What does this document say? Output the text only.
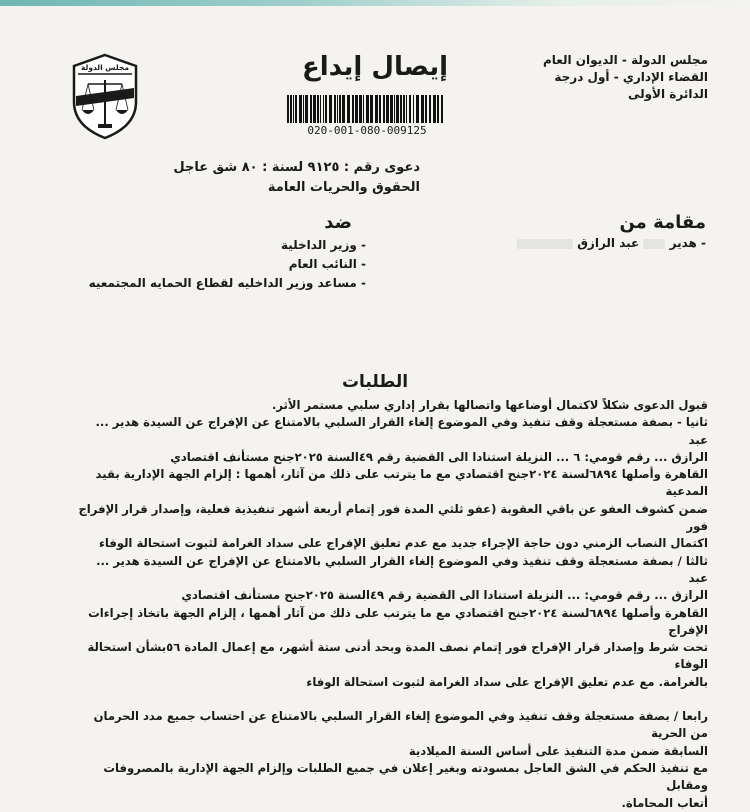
مجلس الدولة	إيصال إيداع
020-001-080-009125
مجلس الدولة - الديوان العام
القضاء الإداري - أول درجة
الدائرة الأولى
دعوى رقم : ٩١٢٥ لسنة : ٨٠ شق عاجل
الحقوق والحريات العامة
مقامة من
- هدير  عبد الرازق
ضد
- وزير الداخلية
- النائب العام
- مساعد وزير الداخليه لقطاع الحمايه المجتمعيه
الطلبات

قبول الدعوى شكلاً لاكتمال أوضاعها واتصالها بقرار إداري سلبي مستمر الأثر.

ثانيا - بصفة مستعجلة وقف تنفيذ وفي الموضوع إلغاء القرار السلبي بالامتناع عن الإفراج عن السيدة هدير ... عبد

الرازق ... رقم قومي: ٦ ... النزيلة استنادا الى القضية رقم ٤٩السنة ٢٠٢٥جنح مستأنف اقتصادي

القاهرة وأصلها ٦٨٩٤لسنة ٢٠٢٤جنح اقتصادي مع ما يترتب على ذلك من آثار، أهمها : إلزام الجهة الإدارية بقيد المدعية

ضمن كشوف العفو عن باقي العقوبة (عفو ثلثي المدة فور إتمام أربعة أشهر تنفيذية فعلية، وإصدار قرار الإفراج فور

اكتمال النصاب الزمني دون حاجة الإجراء جديد مع عدم تعليق الإفراج على سداد الغرامة لثبوت استحالة الوفاء

ثالثا / بصفة مستعجلة وقف تنفيذ وفي الموضوع إلغاء القرار السلبي بالامتناع عن الإفراج عن السيدة هدير ... عبد

الرازق ... رقم قومي: ... النزيلة استنادا الى القضية رقم ٤٩السنة ٢٠٢٥جنح مستأنف اقتصادي

القاهرة وأصلها ٦٨٩٤لسنة ٢٠٢٤جنح اقتصادي مع ما يترتب على ذلك من آثار أهمها ، إلزام الجهة باتخاذ إجراءات الإفراج

تحت شرط وإصدار قرار الإفراج فور إتمام نصف المدة وبحد أدنى ستة أشهر، مع إعمال المادة ٥٦بشأن استحالة الوفاء

بالغرامة. مع عدم تعليق الإفراج على سداد الغرامة لثبوت استحالة الوفاء

رابعا / بصفة مستعجلة وقف تنفيذ وفي الموضوع إلغاء القرار السلبي بالامتناع عن احتساب جميع مدد الحرمان من الحرية

السابقة ضمن مدة التنفيذ على أساس السنة الميلادية

مع تنفيذ الحكم في الشق العاجل بمسودته وبغير إعلان في جميع الطلبات وإلزام الجهة الإدارية بالمصروفات ومقابل

أتعاب المحاماة.
